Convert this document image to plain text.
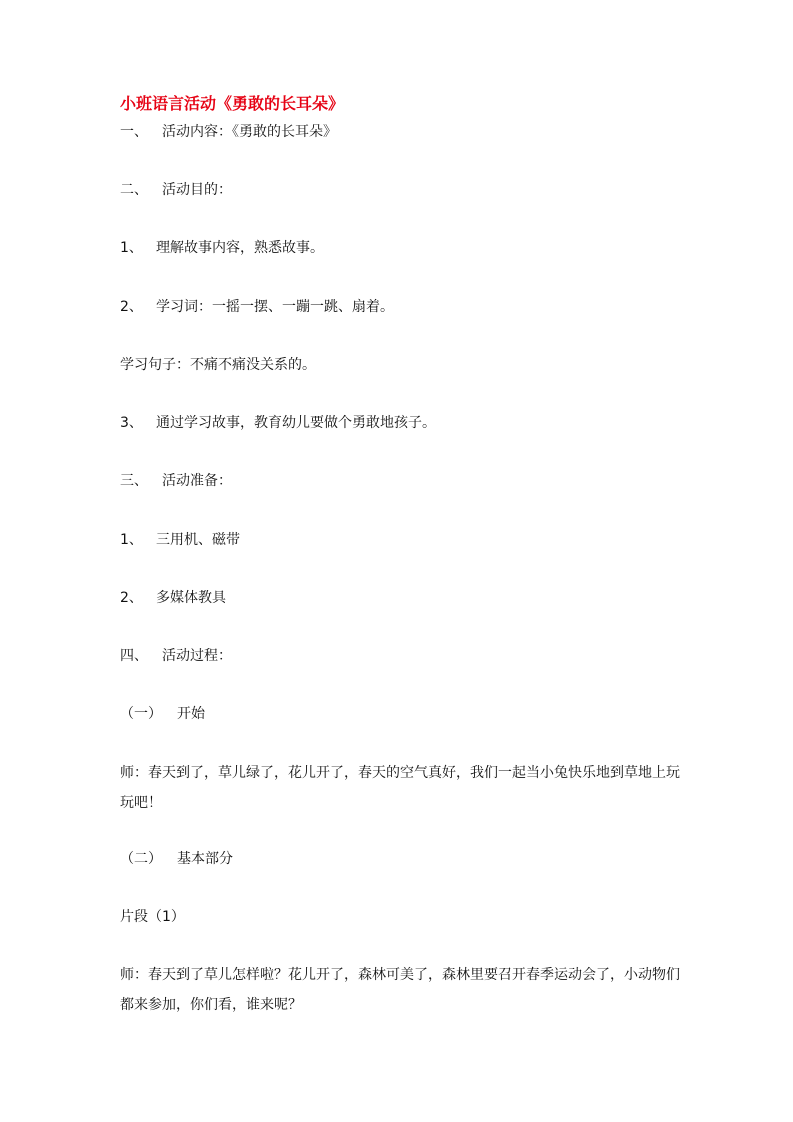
小班语言活动《勇敢的长耳朵》
一、 活动内容：《勇敢的长耳朵》
二、 活动目的：
1、 理解故事内容，熟悉故事。
2、 学习词：一摇一摆、一蹦一跳、扇着。
学习句子：不痛不痛没关系的。
3、 通过学习故事，教育幼儿要做个勇敢地孩子。
三、 活动准备：
1、 三用机、磁带
2、 多媒体教具
四、 活动过程：
（一） 开始
师：春天到了，草儿绿了，花儿开了，春天的空气真好，我们一起当小兔快乐地到草地上玩玩吧！
（二） 基本部分
片段（1）
师：春天到了草儿怎样啦？花儿开了，森林可美了，森林里要召开春季运动会了，小动物们都来参加，你们看，谁来呢？
